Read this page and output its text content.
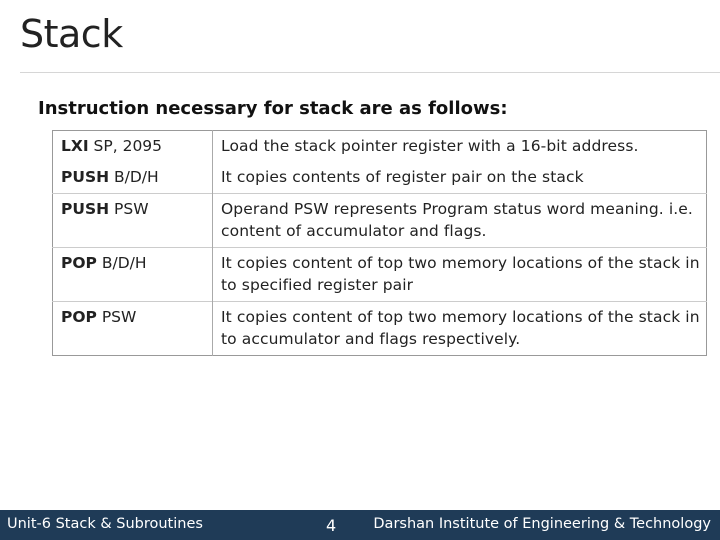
Stack
Instruction necessary for stack are as follows:
LXI SP, 2095	Load the stack pointer register with a 16-bit address.
PUSH B/D/H	It copies contents of register pair on the stack
PUSH PSW	Operand PSW represents Program status word meaning. i.e. content of accumulator and flags.
POP B/D/H	It copies content of top two memory locations of the stack in to specified register pair
POP PSW	It copies content of top two memory locations of the stack in to accumulator and flags respectively.
Unit-6 Stack & Subroutines	4	Darshan Institute of Engineering & Technology
